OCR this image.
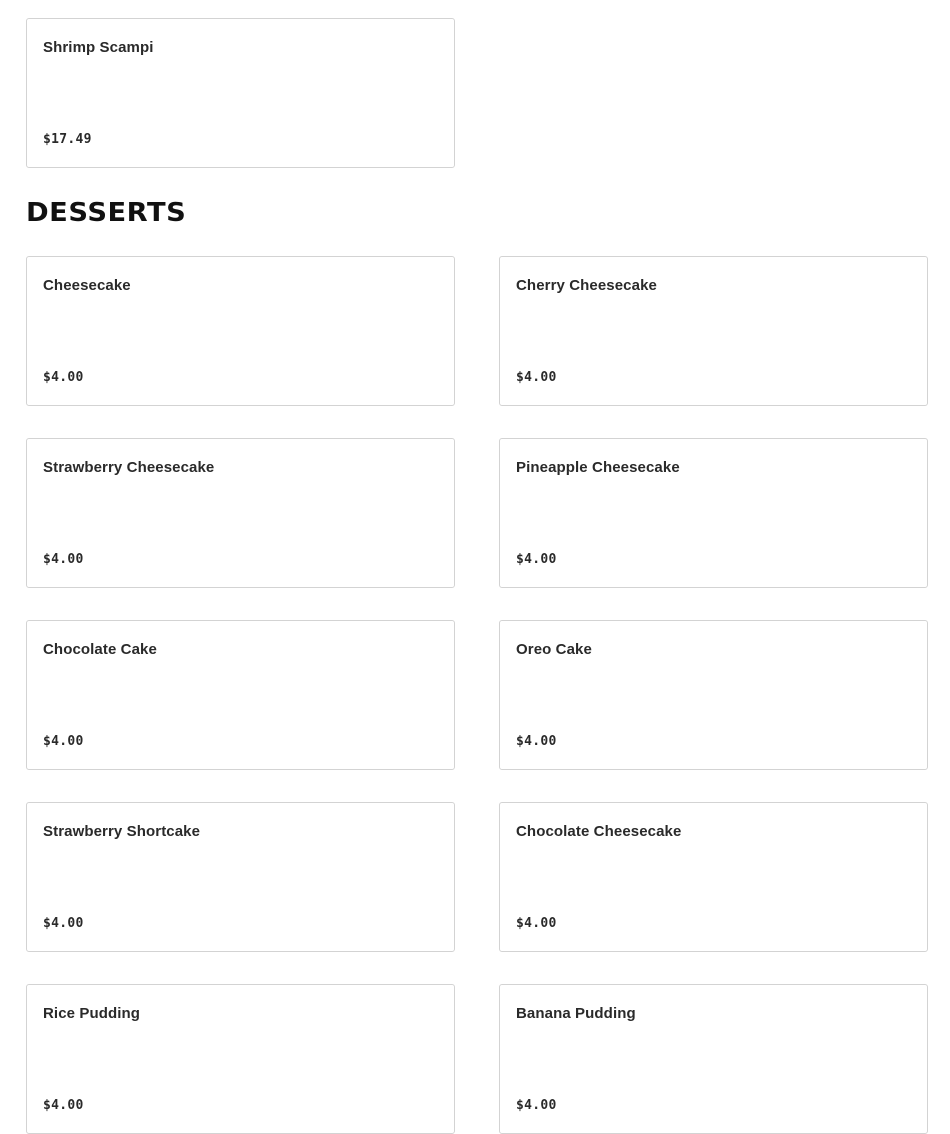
Shrimp Scampi
$17.49
DESSERTS
Cheesecake
$4.00
Cherry Cheesecake
$4.00
Strawberry Cheesecake
$4.00
Pineapple Cheesecake
$4.00
Chocolate Cake
$4.00
Oreo Cake
$4.00
Strawberry Shortcake
$4.00
Chocolate Cheesecake
$4.00
Rice Pudding
$4.00
Banana Pudding
$4.00
